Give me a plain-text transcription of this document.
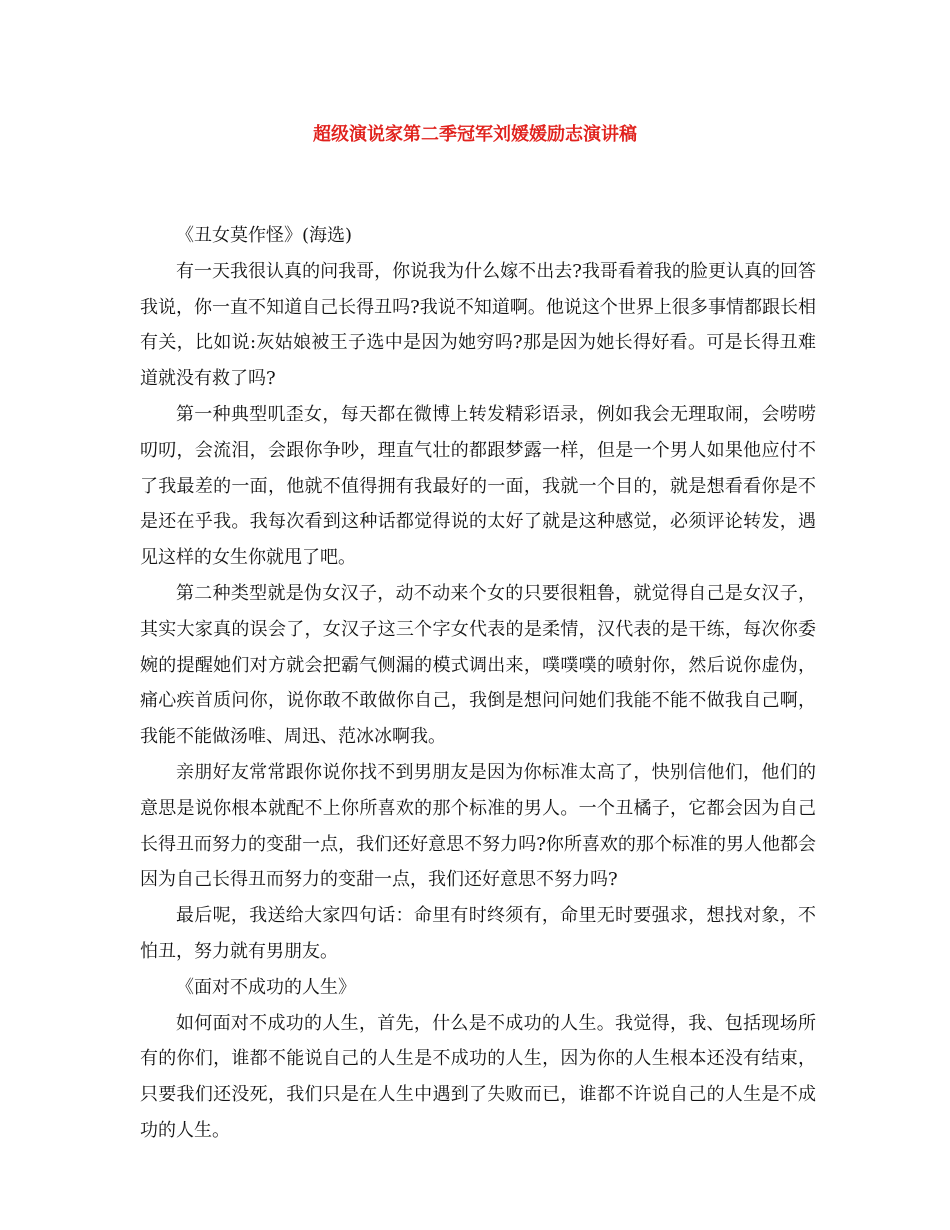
超级演说家第二季冠军刘媛媛励志演讲稿

《丑女莫作怪》(海选)

有一天我很认真的问我哥，你说我为什么嫁不出去?我哥看着我的脸更认真的回答我说，你一直不知道自己长得丑吗?我说不知道啊。他说这个世界上很多事情都跟长相有关，比如说:灰姑娘被王子选中是因为她穷吗?那是因为她长得好看。可是长得丑难道就没有救了吗?

第一种典型叽歪女，每天都在微博上转发精彩语录，例如我会无理取闹，会唠唠叨叨，会流泪，会跟你争吵，理直气壮的都跟梦露一样，但是一个男人如果他应付不了我最差的一面，他就不值得拥有我最好的一面，我就一个目的，就是想看看你是不是还在乎我。我每次看到这种话都觉得说的太好了就是这种感觉，必须评论转发，遇见这样的女生你就甩了吧。

第二种类型就是伪女汉子，动不动来个女的只要很粗鲁，就觉得自己是女汉子，其实大家真的误会了，女汉子这三个字女代表的是柔情，汉代表的是干练，每次你委婉的提醒她们对方就会把霸气侧漏的模式调出来，噗噗噗的喷射你，然后说你虚伪，痛心疾首质问你，说你敢不敢做你自己，我倒是想问问她们我能不能不做我自己啊，我能不能做汤唯、周迅、范冰冰啊我。

亲朋好友常常跟你说你找不到男朋友是因为你标准太高了，快别信他们，他们的意思是说你根本就配不上你所喜欢的那个标准的男人。一个丑橘子，它都会因为自己长得丑而努力的变甜一点，我们还好意思不努力吗?你所喜欢的那个标准的男人他都会因为自己长得丑而努力的变甜一点，我们还好意思不努力吗?

最后呢，我送给大家四句话：命里有时终须有，命里无时要强求，想找对象，不怕丑，努力就有男朋友。

《面对不成功的人生》

如何面对不成功的人生，首先，什么是不成功的人生。我觉得，我、包括现场所有的你们，谁都不能说自己的人生是不成功的人生，因为你的人生根本还没有结束，只要我们还没死，我们只是在人生中遇到了失败而已，谁都不许说自己的人生是不成功的人生。
